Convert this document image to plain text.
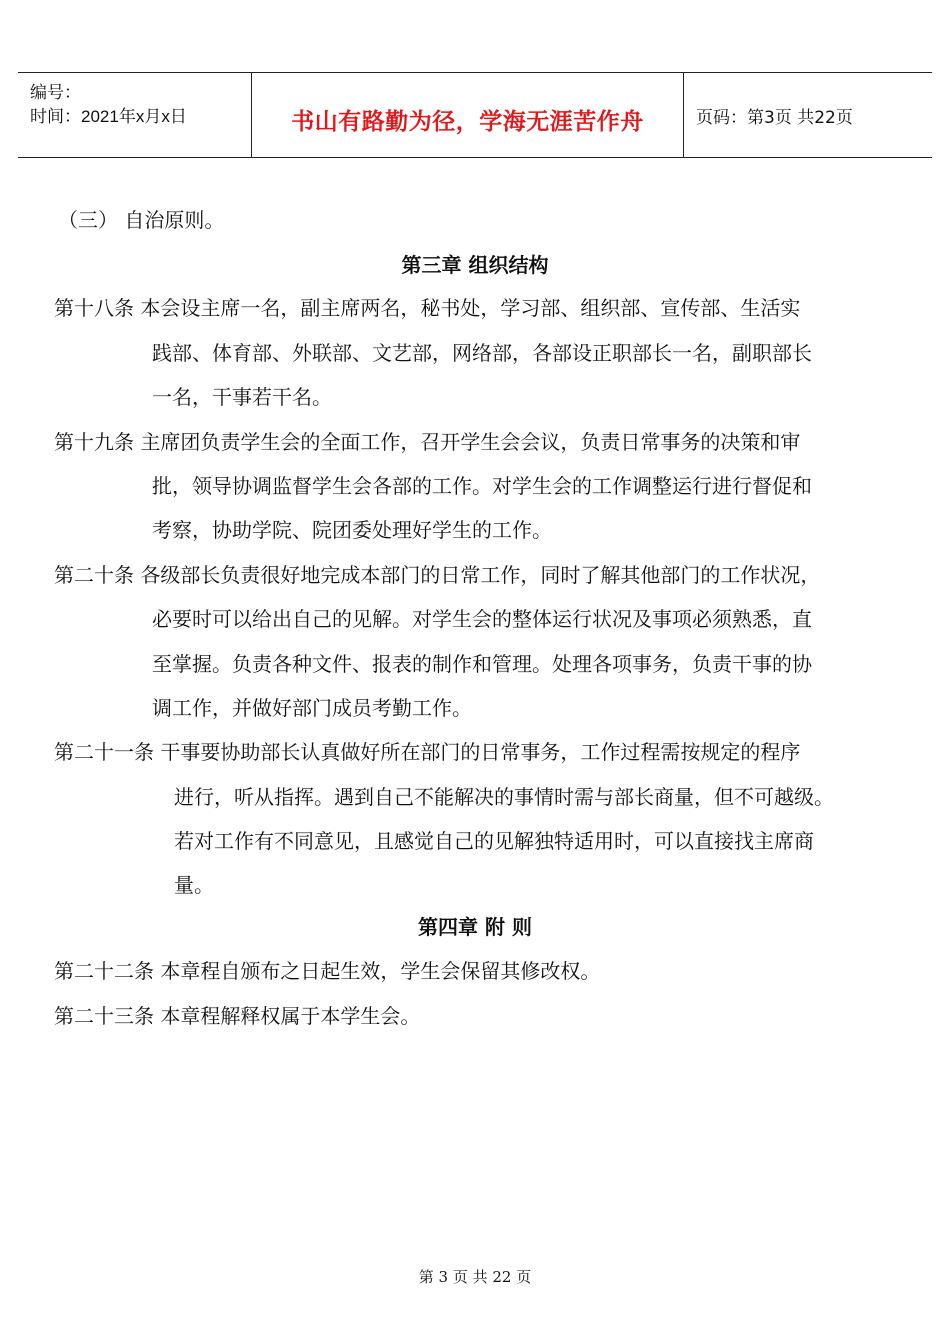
编号：
时间：2021年x月x日	书山有路勤为径，学海无涯苦作舟	页码：第3页 共22页
（三） 自治原则。
第三章 组织结构
第十八条 本会设主席一名，副主席两名，秘书处，学习部、组织部、宣传部、生活实
践部、体育部、外联部、文艺部，网络部，各部设正职部长一名，副职部长
一名，干事若干名。
第十九条 主席团负责学生会的全面工作，召开学生会会议，负责日常事务的决策和审
批，领导协调监督学生会各部的工作。对学生会的工作调整运行进行督促和
考察，协助学院、院团委处理好学生的工作。
第二十条 各级部长负责很好地完成本部门的日常工作，同时了解其他部门的工作状况，
必要时可以给出自己的见解。对学生会的整体运行状况及事项必须熟悉，直
至掌握。负责各种文件、报表的制作和管理。处理各项事务，负责干事的协
调工作，并做好部门成员考勤工作。
第二十一条 干事要协助部长认真做好所在部门的日常事务，工作过程需按规定的程序
进行，听从指挥。遇到自己不能解决的事情时需与部长商量，但不可越级。
若对工作有不同意见，且感觉自己的见解独特适用时，可以直接找主席商
量。
第四章 附 则
第二十二条 本章程自颁布之日起生效，学生会保留其修改权。
第二十三条 本章程解释权属于本学生会。
第 3 页 共 22 页
